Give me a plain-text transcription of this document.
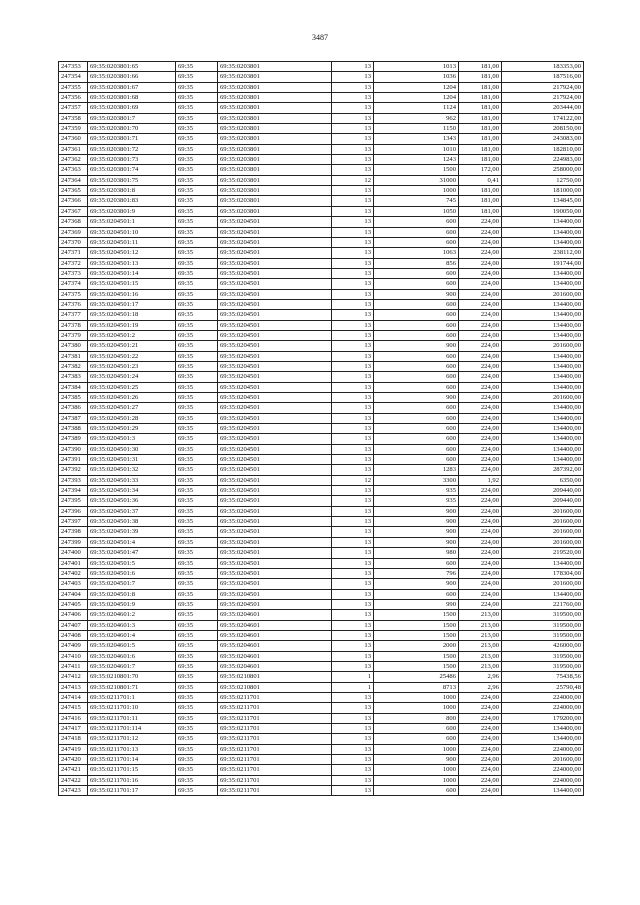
3487
247353	69:35:0203801:65	69:35	69:35:0203801	13	1013	181,00	183353,00
247354	69:35:0203801:66	69:35	69:35:0203801	13	1036	181,00	187516,00
247355	69:35:0203801:67	69:35	69:35:0203801	13	1204	181,00	217924,00
247356	69:35:0203801:68	69:35	69:35:0203801	13	1204	181,00	217924,00
247357	69:35:0203801:69	69:35	69:35:0203801	13	1124	181,00	203444,00
247358	69:35:0203801:7	69:35	69:35:0203801	13	962	181,00	174122,00
247359	69:35:0203801:70	69:35	69:35:0203801	13	1150	181,00	208150,00
247360	69:35:0203801:71	69:35	69:35:0203801	13	1343	181,00	243083,00
247361	69:35:0203801:72	69:35	69:35:0203801	13	1010	181,00	182810,00
247362	69:35:0203801:73	69:35	69:35:0203801	13	1243	181,00	224983,00
247363	69:35:0203801:74	69:35	69:35:0203801	13	1500	172,00	258000,00
247364	69:35:0203801:75	69:35	69:35:0203801	12	31000	0,41	12750,00
247365	69:35:0203801:8	69:35	69:35:0203801	13	1000	181,00	181000,00
247366	69:35:0203801:83	69:35	69:35:0203801	13	745	181,00	134845,00
247367	69:35:0203801:9	69:35	69:35:0203801	13	1050	181,00	190050,00
247368	69:35:0204501:1	69:35	69:35:0204501	13	600	224,00	134400,00
247369	69:35:0204501:10	69:35	69:35:0204501	13	600	224,00	134400,00
247370	69:35:0204501:11	69:35	69:35:0204501	13	600	224,00	134400,00
247371	69:35:0204501:12	69:35	69:35:0204501	13	1063	224,00	238112,00
247372	69:35:0204501:13	69:35	69:35:0204501	13	856	224,00	191744,00
247373	69:35:0204501:14	69:35	69:35:0204501	13	600	224,00	134400,00
247374	69:35:0204501:15	69:35	69:35:0204501	13	600	224,00	134400,00
247375	69:35:0204501:16	69:35	69:35:0204501	13	900	224,00	201600,00
247376	69:35:0204501:17	69:35	69:35:0204501	13	600	224,00	134400,00
247377	69:35:0204501:18	69:35	69:35:0204501	13	600	224,00	134400,00
247378	69:35:0204501:19	69:35	69:35:0204501	13	600	224,00	134400,00
247379	69:35:0204501:2	69:35	69:35:0204501	13	600	224,00	134400,00
247380	69:35:0204501:21	69:35	69:35:0204501	13	900	224,00	201600,00
247381	69:35:0204501:22	69:35	69:35:0204501	13	600	224,00	134400,00
247382	69:35:0204501:23	69:35	69:35:0204501	13	600	224,00	134400,00
247383	69:35:0204501:24	69:35	69:35:0204501	13	600	224,00	134400,00
247384	69:35:0204501:25	69:35	69:35:0204501	13	600	224,00	134400,00
247385	69:35:0204501:26	69:35	69:35:0204501	13	900	224,00	201600,00
247386	69:35:0204501:27	69:35	69:35:0204501	13	600	224,00	134400,00
247387	69:35:0204501:28	69:35	69:35:0204501	13	600	224,00	134400,00
247388	69:35:0204501:29	69:35	69:35:0204501	13	600	224,00	134400,00
247389	69:35:0204501:3	69:35	69:35:0204501	13	600	224,00	134400,00
247390	69:35:0204501:30	69:35	69:35:0204501	13	600	224,00	134400,00
247391	69:35:0204501:31	69:35	69:35:0204501	13	600	224,00	134400,00
247392	69:35:0204501:32	69:35	69:35:0204501	13	1283	224,00	287392,00
247393	69:35:0204501:33	69:35	69:35:0204501	12	3300	1,92	6350,00
247394	69:35:0204501:34	69:35	69:35:0204501	13	935	224,00	209440,00
247395	69:35:0204501:36	69:35	69:35:0204501	13	935	224,00	209440,00
247396	69:35:0204501:37	69:35	69:35:0204501	13	900	224,00	201600,00
247397	69:35:0204501:38	69:35	69:35:0204501	13	900	224,00	201600,00
247398	69:35:0204501:39	69:35	69:35:0204501	13	900	224,00	201600,00
247399	69:35:0204501:4	69:35	69:35:0204501	13	900	224,00	201600,00
247400	69:35:0204501:47	69:35	69:35:0204501	13	980	224,00	219520,00
247401	69:35:0204501:5	69:35	69:35:0204501	13	600	224,00	134400,00
247402	69:35:0204501:6	69:35	69:35:0204501	13	796	224,00	178304,00
247403	69:35:0204501:7	69:35	69:35:0204501	13	900	224,00	201600,00
247404	69:35:0204501:8	69:35	69:35:0204501	13	600	224,00	134400,00
247405	69:35:0204501:9	69:35	69:35:0204501	13	990	224,00	221760,00
247406	69:35:0204601:2	69:35	69:35:0204601	13	1500	213,00	319500,00
247407	69:35:0204601:3	69:35	69:35:0204601	13	1500	213,00	319500,00
247408	69:35:0204601:4	69:35	69:35:0204601	13	1500	213,00	319500,00
247409	69:35:0204601:5	69:35	69:35:0204601	13	2000	213,00	426000,00
247410	69:35:0204601:6	69:35	69:35:0204601	13	1500	213,00	319500,00
247411	69:35:0204601:7	69:35	69:35:0204601	13	1500	213,00	319500,00
247412	69:35:0210801:70	69:35	69:35:0210801	1	25486	2,96	75438,56
247413	69:35:0210801:71	69:35	69:35:0210801	1	8713	2,96	25790,48
247414	69:35:0211701:1	69:35	69:35:0211701	13	1000	224,00	224000,00
247415	69:35:0211701:10	69:35	69:35:0211701	13	1000	224,00	224000,00
247416	69:35:0211701:11	69:35	69:35:0211701	13	800	224,00	179200,00
247417	69:35:0211701:114	69:35	69:35:0211701	13	600	224,00	134400,00
247418	69:35:0211701:12	69:35	69:35:0211701	13	600	224,00	134400,00
247419	69:35:0211701:13	69:35	69:35:0211701	13	1000	224,00	224000,00
247420	69:35:0211701:14	69:35	69:35:0211701	13	900	224,00	201600,00
247421	69:35:0211701:15	69:35	69:35:0211701	13	1000	224,00	224000,00
247422	69:35:0211701:16	69:35	69:35:0211701	13	1000	224,00	224000,00
247423	69:35:0211701:17	69:35	69:35:0211701	13	600	224,00	134400,00
